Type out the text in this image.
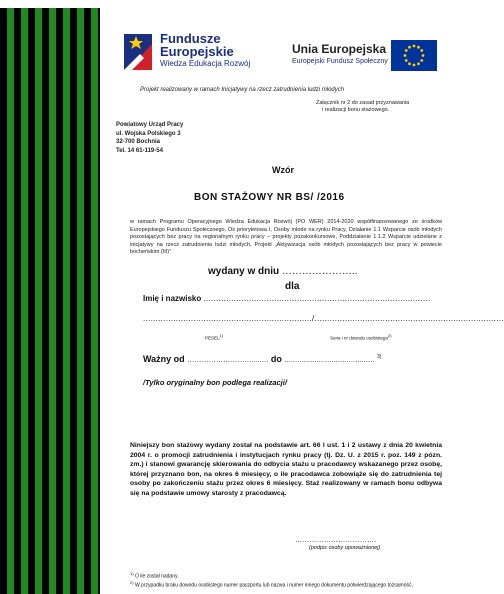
Fundusze
Europejskie
Wiedza Edukacja Rozwój
Unia Europejska
Europejski Fundusz Społeczny
Projekt realizowany w ramach Inicjatywy na rzecz zatrudnienia ludzi młodych
Załącznik nr 2 do zasad przyznawania
i realizacji bonu stażowego.
Powiatowy Urząd Pracy
ul. Wojska Polskiego 3
32-700 Bochnia
Tel. 14 61-119-54
Wzór
BON STAŻOWY NR BS/ /2016
w ramach Programu Operacyjnego Wiedza Edukacja Rozwój (PO WER) 2014-2020 współfinansowanego ze środków Europejskiego Funduszu Społecznego, Oś priorytetowa I, Osoby młode na rynku Pracy, Działanie 1.1 Wsparcie osób młodych pozostających bez pracy na regionalnym rynku pracy – projekty pozakonkursowe, Poddziałanie 1.1.2 Wsparcie udzielane z inicjatywy na rzecz zatrudnienia ludzi młodych, Projekt „Aktywizacja osób młodych pozostających bez pracy w powiecie bocheńskim (III)”
wydany w dniu …………………..
dla
Imię i nazwisko ..........................................................................................
.................................................................../...........................................................................
PESEL1)	Seria i nr dowodu osobistego2)
Ważny od ……………………........... do .......................................... $^{3)}$
/Tylko oryginalny bon podlega realizacji/
Niniejszy bon stażowy wydany został na podstawie art. 66 l ust. 1 i 2 ustawy z dnia 20 kwietnia 2004 r. o promocji zatrudnienia i instytucjach rynku pracy (tj. Dz. U. z 2015 r. poz. 149 z pózn. zm.) i stanowi gwarancję skierowania do odbycia stażu u pracodawcy wskazanego przez osobę, której przyznano bon, na okres 6 miesięcy, o ile pracodawca zobowiąże się do zatrudnienia tej osoby po zakończeniu stażu przez okres 6 miesięcy. Staż realizowany w ramach bonu odbywa się na podstawie umowy starosty z pracodawcą.
…………………………….
(podpis osoby upoważnionej)
$^{1)}$ O ile został nadany.
$^{2)}$ W przypadku braku dowodu osobistego numer paszportu lub nazwa i numer innego dokumentu potwierdzającego tożsamość.
